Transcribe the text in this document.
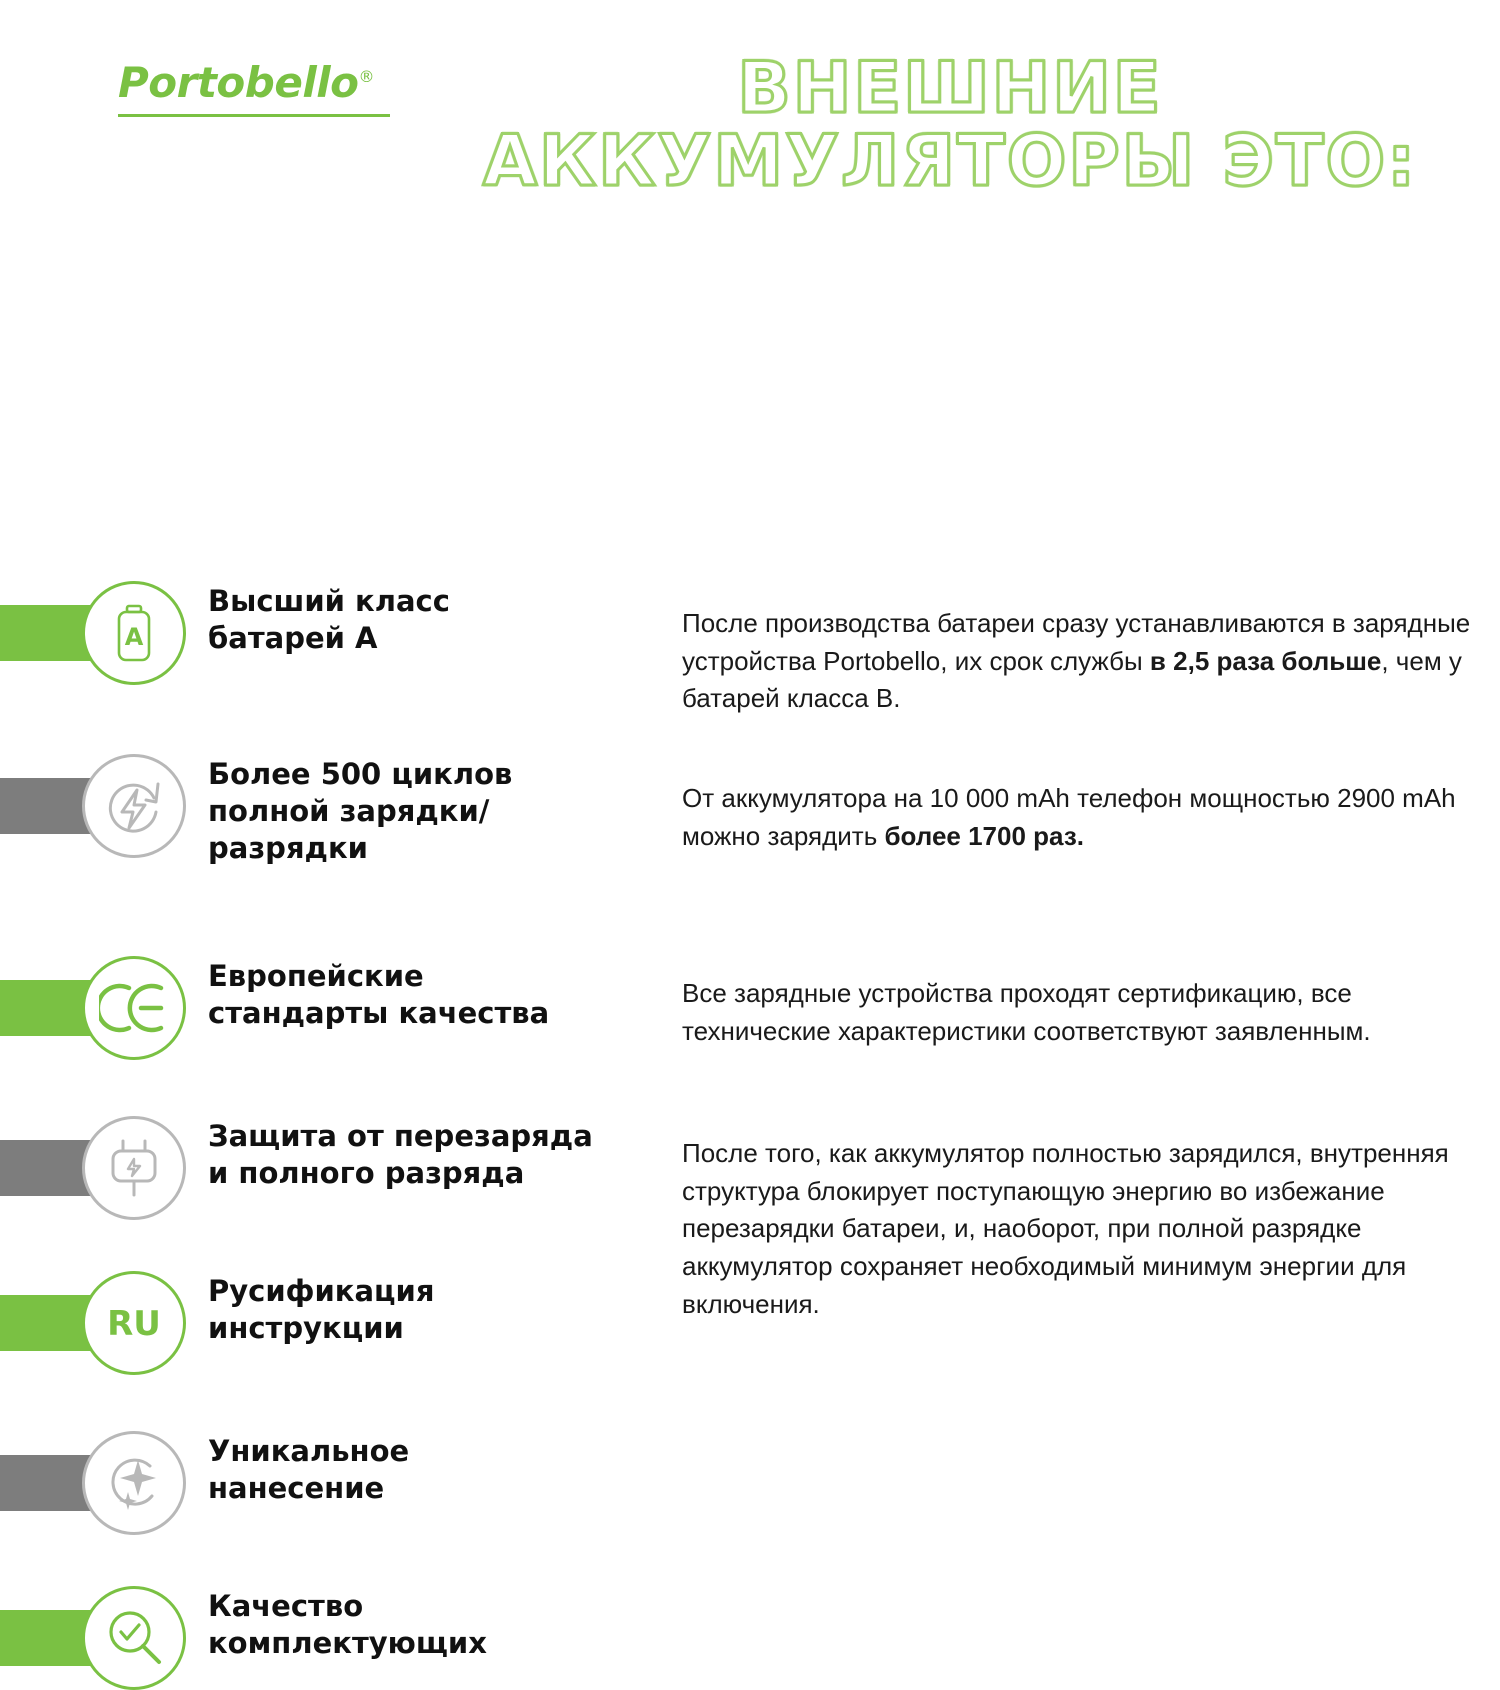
Portobello®	ВНЕШНИЕ
АККУМУЛЯТОРЫ ЭТО:
A
Высший класс
батарей А	После производства батареи сразу устанавливаются в зарядные устройства Portobello, их срок службы в 2,5 раза больше, чем у батарей класса В.
Более 500 циклов
полной зарядки/
разрядки
От аккумулятора на 10 000 mAh телефон мощностью 2900 mAh можно зарядить более 1700 раз.
Европейские
стандарты качества
Все зарядные устройства проходят сертификацию, все технические характеристики соответствуют заявленным.
Защита от перезаряда
и полного разряда
После того, как аккумулятор полностью зарядился, внутренняя структура блокирует поступающую энергию во избежание перезарядки батареи, и, наоборот, при полной разрядке аккумулятор сохраняет необходимый минимум энергии для включения.
RU
Русификация
инструкции
Уникальное
нанесение
Качество
комплектующих
